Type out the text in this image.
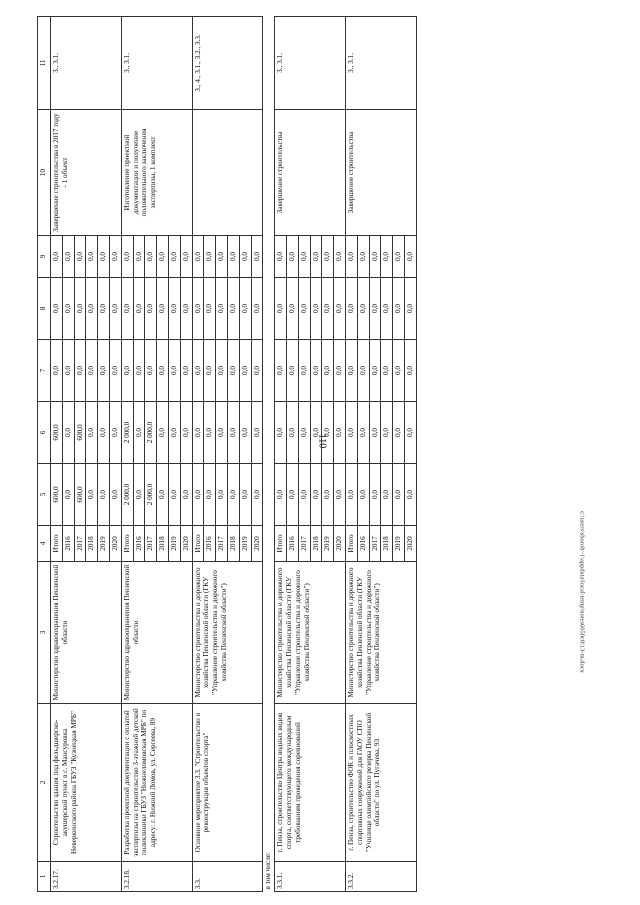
110
c:\users\sboroh~1\appdata\local\temp\notes6050c8\13-m.docx
1	2	3	4	5	6	7	8	9	10	11
3.2.17.	Строительство здания под фельдшерско-акушерский пункт в с. Мансуровка Неверкинского района ГБУЗ "Кузнецкая МРБ"	Министерство здравоохранения Пензенской области	Итого	600,0	600,0	0,0	0,0	0,0	Завершение строительства в 2017 году - 1 объект	3., 3.1.
			2016	0,0	0,0	0,0	0,0	0,0		
			2017	600,0	600,0	0,0	0,0	0,0		
			2018	0,0	0,0	0,0	0,0	0,0		
			2019	0,0	0,0	0,0	0,0	0,0		
			2020	0,0	0,0	0,0	0,0	0,0		
3.2.18.	Разработка проектной документации с оплатой экспертизы на строительство 3-этажной детской поликлиники ГБУЗ "Нижнеломовская МРБ" по адресу: г. Нижний Ломов, ул. Сергеева, 89	Министерство здравоохранения Пензенской области	Итого	2 000,0	2 000,0	0,0	0,0	0,0	Изготовление проектной документации и получение положительного заключения экспертизы, 1 комплект	3., 3.1.
			2016	0,0	0,0	0,0	0,0	0,0		
			2017	2 000,0	2 000,0	0,0	0,0	0,0		
			2018	0,0	0,0	0,0	0,0	0,0		
			2019	0,0	0,0	0,0	0,0	0,0		
			2020	0,0	0,0	0,0	0,0	0,0		
3.3.	Основное мероприятие 3.3. "Строительство и реконструкция объектов спорта"	Министерство строительства и дорожного хозяйства Пензенской области (ГКУ "Управление строительства и дорожного хозяйства Пензенской области")	Итого	0,0	0,0	0,0	0,0	0,0		3., 4., 3.1., 3.2., 3.3.
			2016	0,0	0,0	0,0	0,0	0,0		
			2017	0,0	0,0	0,0	0,0	0,0		
			2018	0,0	0,0	0,0	0,0	0,0		
			2019	0,0	0,0	0,0	0,0	0,0		
			2020	0,0	0,0	0,0	0,0	0,0		
в том числе:										
3.3.1.	г. Пенза, строительство Центра водных видов спорта, соответствующего международным требованиям проведения соревнований	Министерство строительства и дорожного хозяйства Пензенской области (ГКУ "Управление строительства и дорожного хозяйства Пензенской области")	Итого	0,0	0,0	0,0	0,0	0,0	Завершение строительства	3., 3.1.
			2016	0,0	0,0	0,0	0,0	0,0		
			2017	0,0	0,0	0,0	0,0	0,0		
			2018	0,0	0,0	0,0	0,0	0,0		
			2019	0,0	0,0	0,0	0,0	0,0		
			2020	0,0	0,0	0,0	0,0	0,0		
3.3.2.	г. Пенза, строительство ФОК и плоскостных спортивных сооружений для ГАОУ СПО "Училище олимпийского резерва Пензенской области" по ул. Пугачева, 93	Министерство строительства и дорожного хозяйства Пензенской области (ГКУ "Управление строительства и дорожного хозяйства Пензенской области")	Итого	0,0	0,0	0,0	0,0	0,0	Завершение строительства	3., 3.1.
			2016	0,0	0,0	0,0	0,0	0,0		
			2017	0,0	0,0	0,0	0,0	0,0		
			2018	0,0	0,0	0,0	0,0	0,0		
			2019	0,0	0,0	0,0	0,0	0,0		
			2020	0,0	0,0	0,0	0,0	0,0		
